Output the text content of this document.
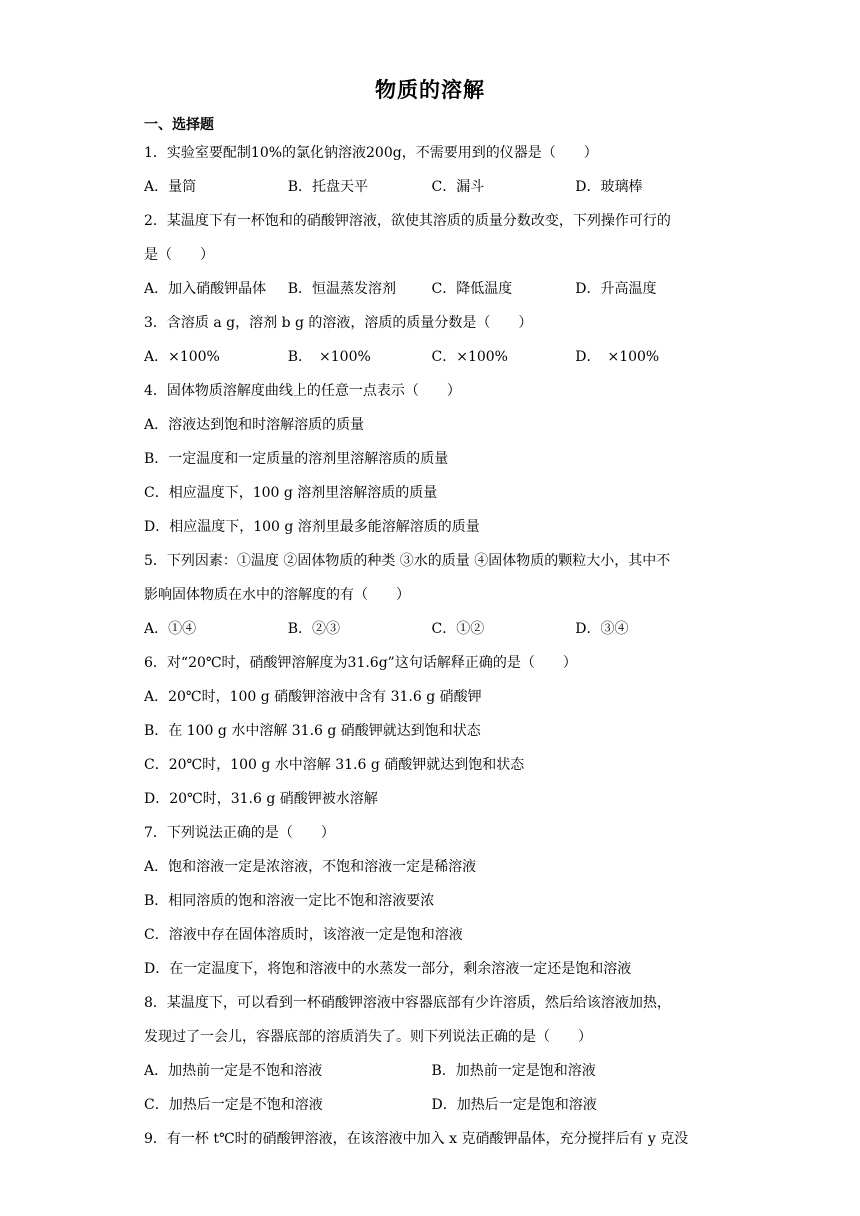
物质的溶解
一、选择题
1．实验室要配制10%的氯化钠溶液200g，不需要用到的仪器是（　　）
A．量筒	B．托盘天平	C．漏斗	D．玻璃棒
2．某温度下有一杯饱和的硝酸钾溶液，欲使其溶质的质量分数改变，下列操作可行的
是（　　）
A．加入硝酸钾晶体	B．恒温蒸发溶剂	C．降低温度	D．升高温度
3．含溶质 a g，溶剂 b g 的溶液，溶质的质量分数是（　　）
A．×100%	B．　×100%	C．×100%	D．　×100%
4．固体物质溶解度曲线上的任意一点表示（　　）
A．溶液达到饱和时溶解溶质的质量
B．一定温度和一定质量的溶剂里溶解溶质的质量
C．相应温度下，100 g 溶剂里溶解溶质的质量
D．相应温度下，100 g 溶剂里最多能溶解溶质的质量
5．下列因素：①温度 ②固体物质的种类 ③水的质量 ④固体物质的颗粒大小，其中不
影响固体物质在水中的溶解度的有（　　）
A．①④	B．②③	C．①②	D．③④
6．对“20℃时，硝酸钾溶解度为31.6g”这句话解释正确的是（　　）
A．20℃时，100 g 硝酸钾溶液中含有 31.6 g 硝酸钾
B．在 100 g 水中溶解 31.6 g 硝酸钾就达到饱和状态
C．20℃时，100 g 水中溶解 31.6 g 硝酸钾就达到饱和状态
D．20℃时，31.6 g 硝酸钾被水溶解
7．下列说法正确的是（　　）
A．饱和溶液一定是浓溶液，不饱和溶液一定是稀溶液
B．相同溶质的饱和溶液一定比不饱和溶液要浓
C．溶液中存在固体溶质时，该溶液一定是饱和溶液
D．在一定温度下，将饱和溶液中的水蒸发一部分，剩余溶液一定还是饱和溶液
8．某温度下，可以看到一杯硝酸钾溶液中容器底部有少许溶质，然后给该溶液加热，
发现过了一会儿，容器底部的溶质消失了。则下列说法正确的是（　　）
A．加热前一定是不饱和溶液	B．加热前一定是饱和溶液
C．加热后一定是不饱和溶液	D．加热后一定是饱和溶液
9．有一杯 t℃时的硝酸钾溶液，在该溶液中加入 x 克硝酸钾晶体，充分搅拌后有 y 克没
